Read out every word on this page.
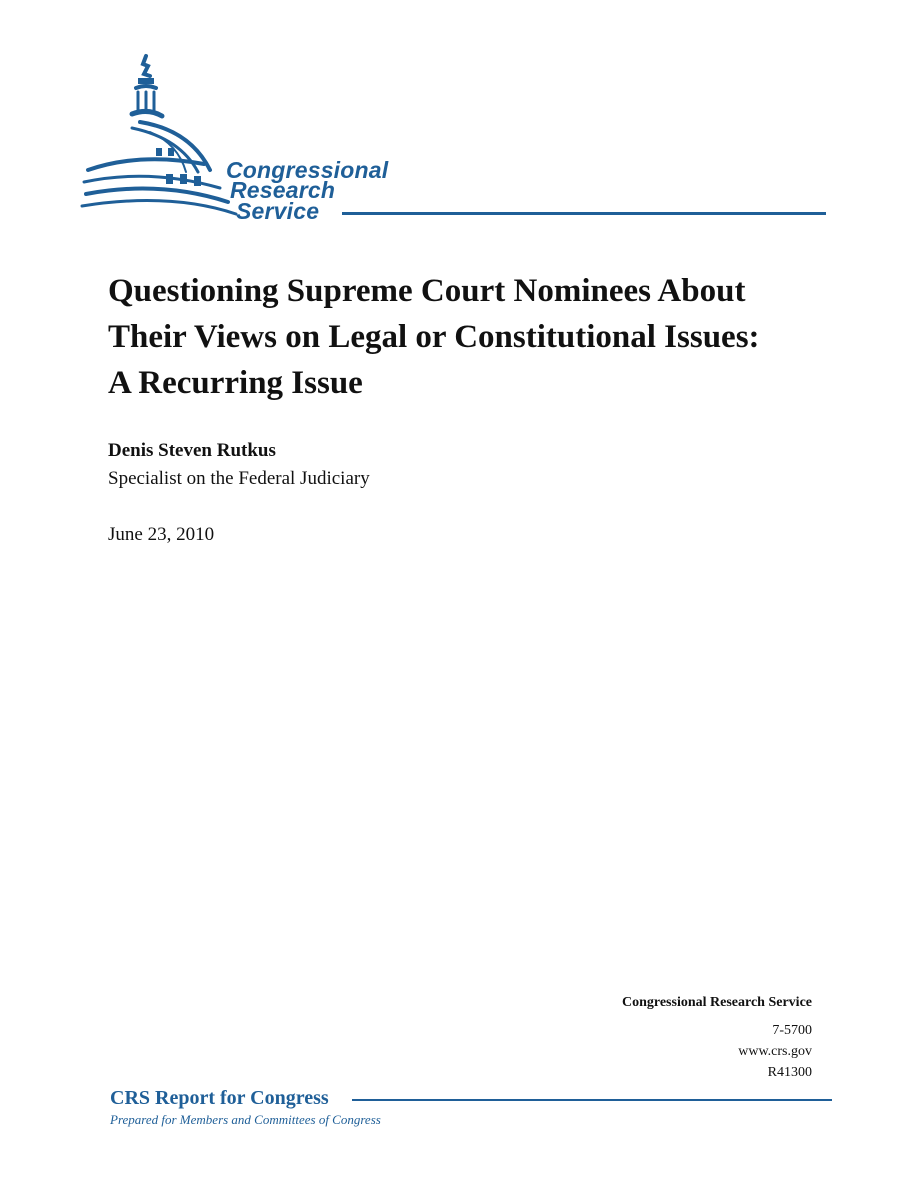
Congressional
Research
Service
Questioning Supreme Court Nominees About
Their Views on Legal or Constitutional Issues:
A Recurring Issue
Denis Steven Rutkus
Specialist on the Federal Judiciary
June 23, 2010
Congressional Research Service
7-5700
www.crs.gov
R41300
CRS Report for Congress
Prepared for Members and Committees of Congress
